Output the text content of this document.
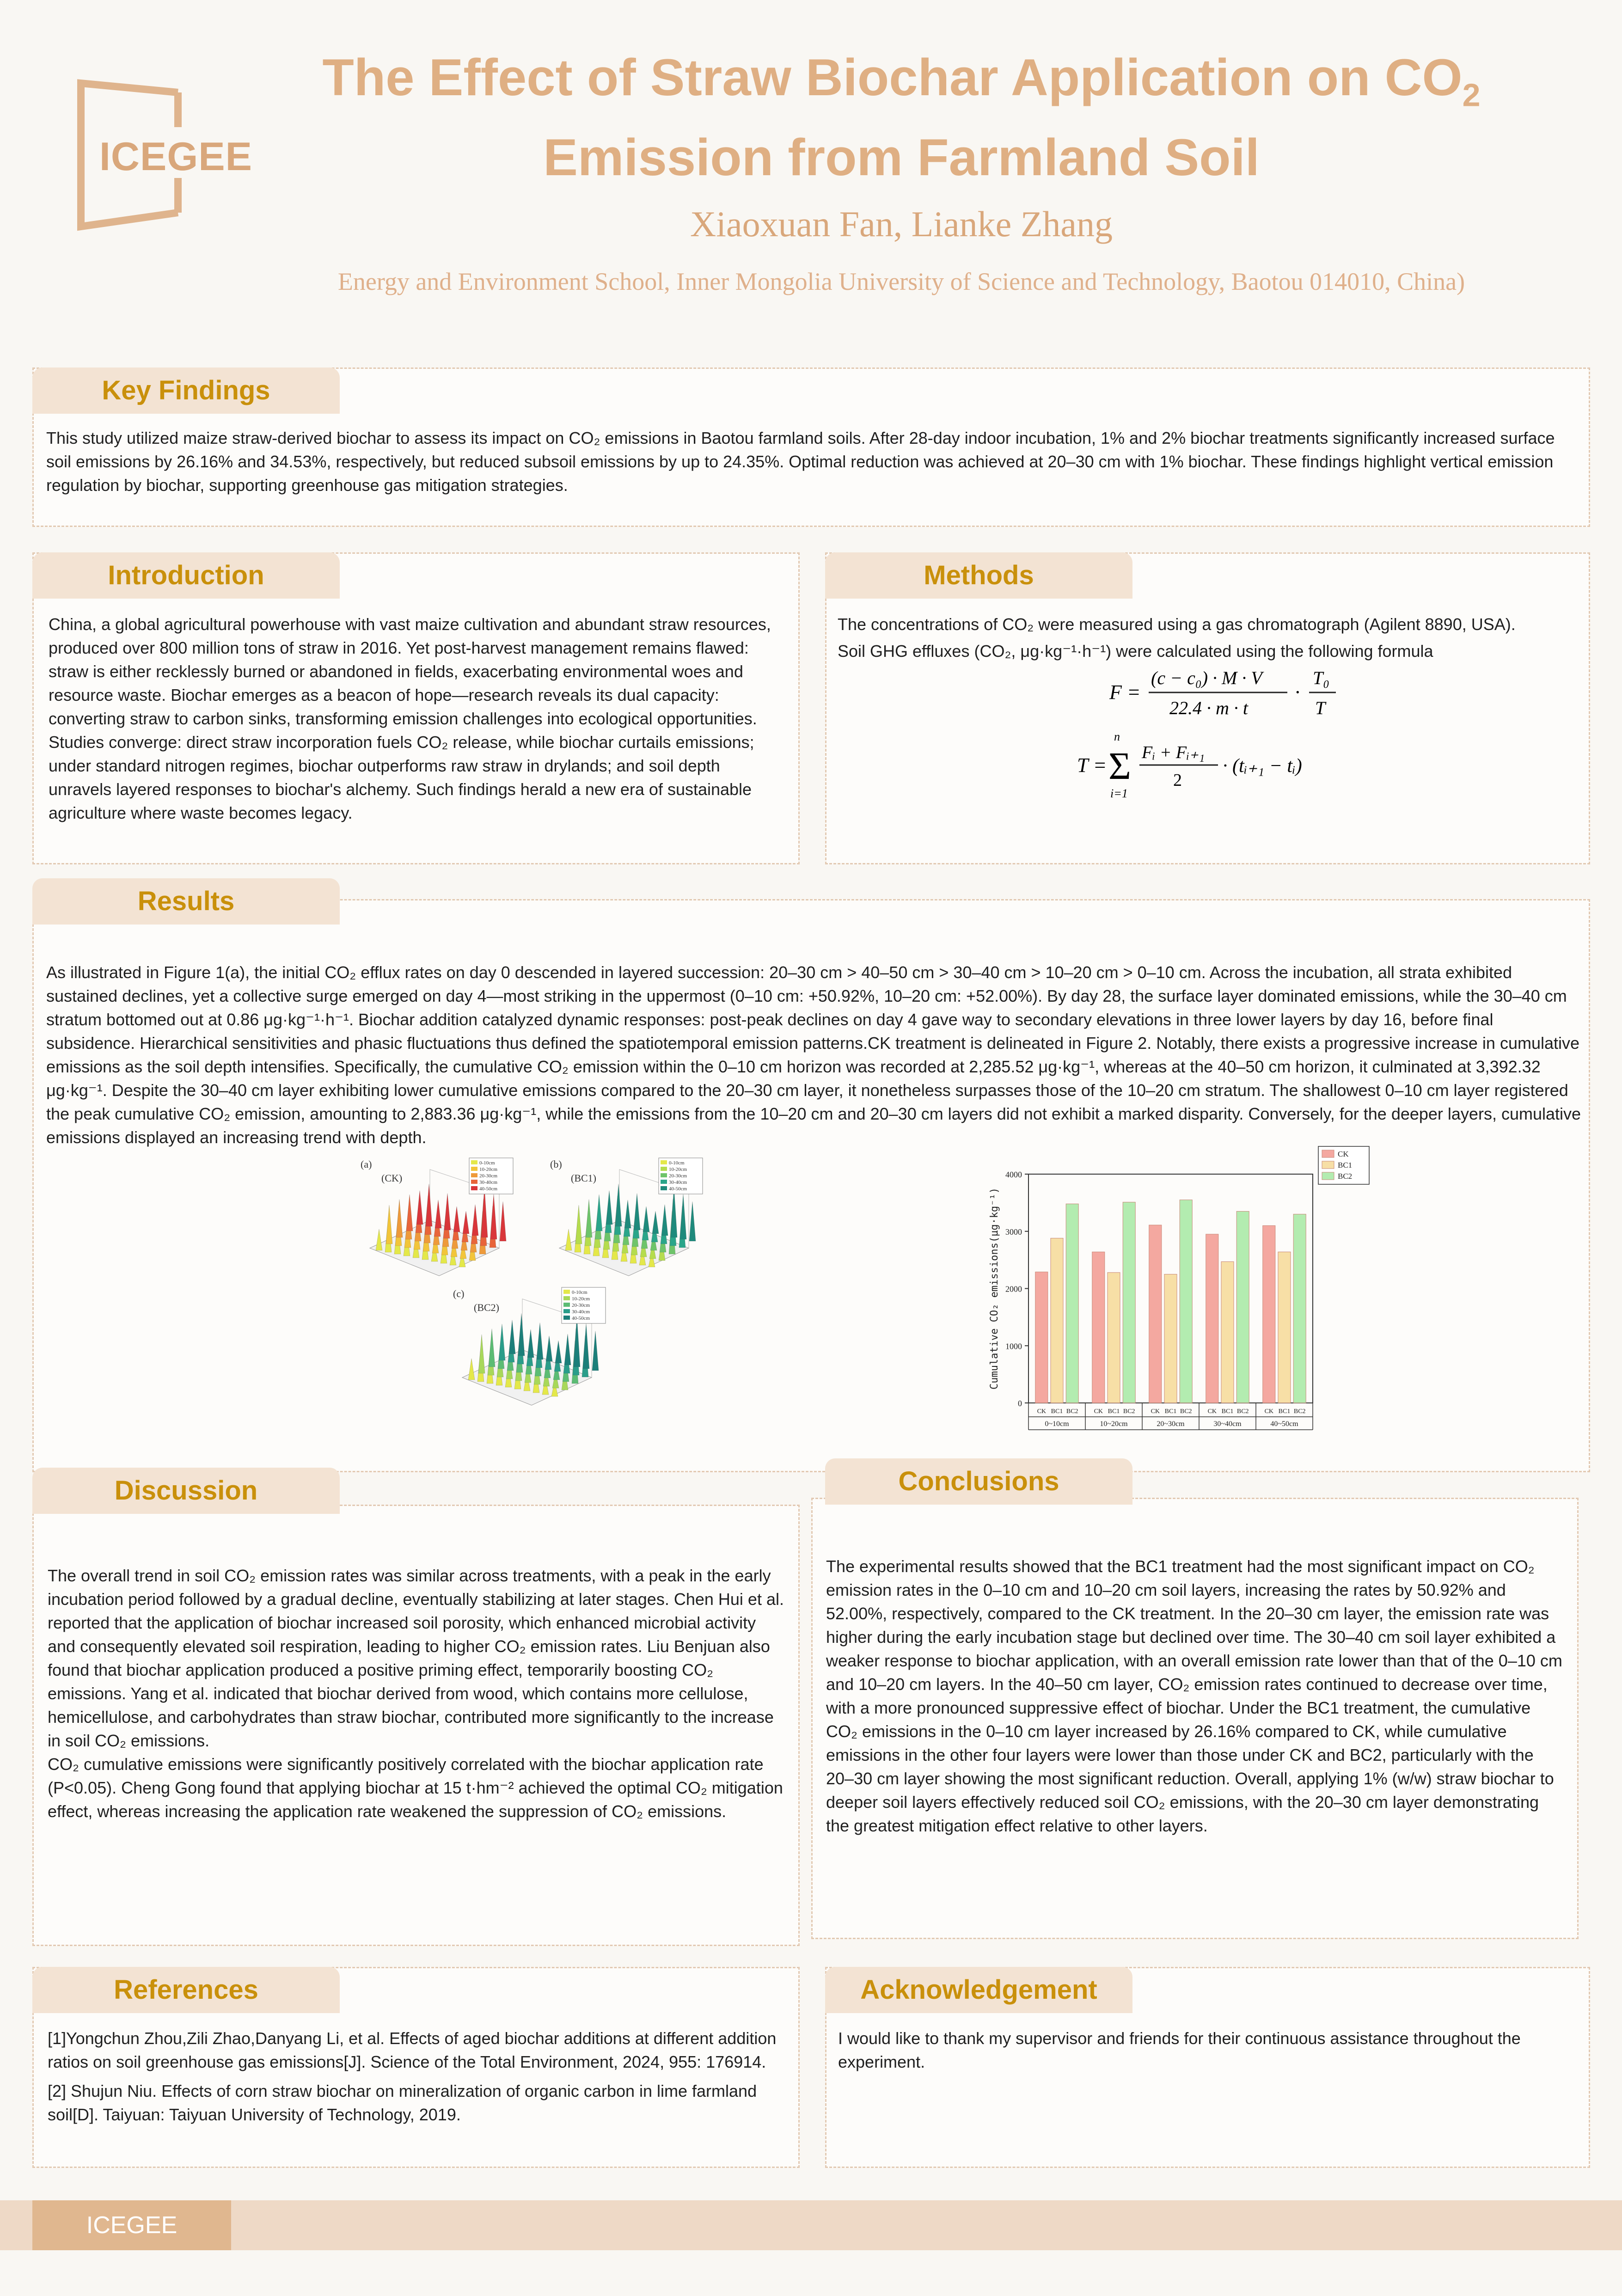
ICEGEE
The Effect of Straw Biochar Application on $CO_2$
Emission from Farmland Soil
Xiaoxuan Fan, Lianke Zhang
Energy and Environment School, Inner Mongolia University of Science and Technology, Baotou 014010, China)
Key Findings
This study utilized maize straw-derived biochar to assess its impact on CO₂ emissions in Baotou farmland soils. After 28-day indoor incubation, 1% and 2% biochar treatments significantly increased surface soil emissions by 26.16% and 34.53%, respectively, but reduced subsoil emissions by up to 24.35%. Optimal reduction was achieved at 20–30 cm with 1% biochar. These findings highlight vertical emission regulation by biochar, supporting greenhouse gas mitigation strategies.
Introduction
China, a global agricultural powerhouse with vast maize cultivation and abundant straw resources, produced over 800 million tons of straw in 2016. Yet post-harvest management remains flawed: straw is either recklessly burned or abandoned in fields, exacerbating environmental woes and resource waste. Biochar emerges as a beacon of hope—research reveals its dual capacity: converting straw to carbon sinks, transforming emission challenges into ecological opportunities. Studies converge: direct straw incorporation fuels CO₂ release, while biochar curtails emissions; under standard nitrogen regimes, biochar outperforms raw straw in drylands; and soil depth unravels layered responses to biochar's alchemy. Such findings herald a new era of sustainable agriculture where waste becomes legacy.
Methods
The concentrations of CO₂ were measured using a gas chromatograph (Agilent 8890, USA).
Soil GHG effluxes (CO₂, μg·kg⁻¹·h⁻¹) were calculated using the following formula
F =
(c − c₀) · M · V
22.4 · m · t
·
T₀
T
T =
n
Σ
i=1
Fᵢ + Fᵢ₊₁
2
· (tᵢ₊₁ − tᵢ)
Results
As illustrated in Figure 1(a), the initial CO₂ efflux rates on day 0 descended in layered succession: 20–30 cm > 40–50 cm > 30–40 cm > 10–20 cm > 0–10 cm. Across the incubation, all strata exhibited sustained declines, yet a collective surge emerged on day 4—most striking in the uppermost (0–10 cm: +50.92%, 10–20 cm: +52.00%). By day 28, the surface layer dominated emissions, while the 30–40 cm stratum bottomed out at 0.86 μg·kg⁻¹·h⁻¹. Biochar addition catalyzed dynamic responses: post-peak declines on day 4 gave way to secondary elevations in three lower layers by day 16, before final subsidence. Hierarchical sensitivities and phasic fluctuations thus defined the spatiotemporal emission patterns.CK treatment is delineated in Figure 2. Notably, there exists a progressive increase in cumulative emissions as the soil depth intensifies. Specifically, the cumulative CO₂ emission within the 0–10 cm horizon was recorded at 2,285.52 μg·kg⁻¹, whereas at the 40–50 cm horizon, it culminated at 3,392.32 μg·kg⁻¹. Despite the 30–40 cm layer exhibiting lower cumulative emissions compared to the 20–30 cm layer, it nonetheless surpasses those of the 10–20 cm stratum. The shallowest 0–10 cm layer registered the peak cumulative CO₂ emission, amounting to 2,883.36 μg·kg⁻¹, while the emissions from the 10–20 cm and 20–30 cm layers did not exhibit a marked disparity. Conversely, for the deeper layers, cumulative emissions displayed an increasing trend with depth.
(a)
(CK)
0-10cm
10-20cm
20-30cm
30-40cm
40-50cm
(b)
(BC1)
0-10cm
10-20cm
20-30cm
30-40cm
40-50cm
(c)
(BC2)
0-10cm
10-20cm
20-30cm
30-40cm
40-50cm
0
1000
2000
3000
4000
Cumulative CO₂ emissions(μg·kg⁻¹)
CK BC1 BC2
0~10cm
CK BC1 BC2
10~20cm
CK BC1 BC2
20~30cm
CK BC1 BC2
30~40cm
CK BC1 BC2
40~50cm
CK
BC1
BC2
Discussion
The overall trend in soil CO₂ emission rates was similar across treatments, with a peak in the early incubation period followed by a gradual decline, eventually stabilizing at later stages. Chen Hui et al. reported that the application of biochar increased soil porosity, which enhanced microbial activity and consequently elevated soil respiration, leading to higher CO₂ emission rates. Liu Benjuan also found that biochar application produced a positive priming effect, temporarily boosting CO₂ emissions. Yang et al. indicated that biochar derived from wood, which contains more cellulose, hemicellulose, and carbohydrates than straw biochar, contributed more significantly to the increase in soil CO₂ emissions.
CO₂ cumulative emissions were significantly positively correlated with the biochar application rate (P<0.05). Cheng Gong found that applying biochar at 15 t·hm⁻² achieved the optimal CO₂ mitigation effect, whereas increasing the application rate weakened the suppression of CO₂ emissions.
Conclusions
The experimental results showed that the BC1 treatment had the most significant impact on CO₂ emission rates in the 0–10 cm and 10–20 cm soil layers, increasing the rates by 50.92% and 52.00%, respectively, compared to the CK treatment. In the 20–30 cm layer, the emission rate was higher during the early incubation stage but declined over time. The 30–40 cm soil layer exhibited a weaker response to biochar application, with an overall emission rate lower than that of the 0–10 cm and 10–20 cm layers. In the 40–50 cm layer, CO₂ emission rates continued to decrease over time, with a more pronounced suppressive effect of biochar. Under the BC1 treatment, the cumulative CO₂ emissions in the 0–10 cm layer increased by 26.16% compared to CK, while cumulative emissions in the other four layers were lower than those under CK and BC2, particularly with the 20–30 cm layer showing the most significant reduction. Overall, applying 1% (w/w) straw biochar to deeper soil layers effectively reduced soil CO₂ emissions, with the 20–30 cm layer demonstrating the greatest mitigation effect relative to other layers.
References
[1]Yongchun Zhou,Zili Zhao,Danyang Li, et al. Effects of aged biochar additions at different addition ratios on soil greenhouse gas emissions[J]. Science of the Total Environment, 2024, 955: 176914.
[2] Shujun Niu. Effects of corn straw biochar on mineralization of organic carbon in lime farmland soil[D]. Taiyuan: Taiyuan University of Technology, 2019.
Acknowledgement
I would like to thank my supervisor and friends for their continuous assistance throughout the experiment.
ICEGEE
